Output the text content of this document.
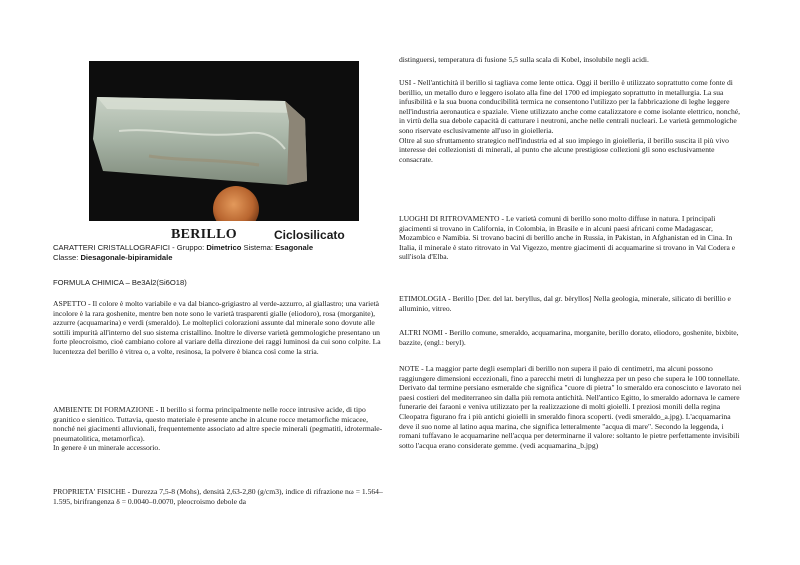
BERILLO	Ciclosilicato

CARATTERI CRISTALLOGRAFICI - Gruppo: Dimetrico Sistema: Esagonale

Classe: Diesagonale-bipiramidale

FORMULA CHIMICA – Be3Al2(Si6O18)

ASPETTO - Il colore è molto variabile e va dal bianco-grigiastro al verde-azzurro, al giallastro; una varietà incolore è la rara goshenite, mentre ben note sono le varietà trasparenti gialle (eliodoro), rosa (morganite), azzurre (acquamarina) e verdi (smeraldo). Le molteplici colorazioni assunte dal minerale sono dovute alle sottili impurità all'interno del suo sistema cristallino. Inoltre le diverse varietà gemmologiche presentano un forte pleocroismo, cioè cambiano colore al variare della direzione dei raggi luminosi da cui sono colpite. La lucentezza del berillo è vitrea o, a volte, resinosa, la polvere è bianca così come la stria.

AMBIENTE DI FORMAZIONE - Il berillo si forma principalmente nelle rocce intrusive acide, di tipo granitico e sienitico. Tuttavia, questo materiale è presente anche in alcune rocce metamorfiche micacee, nonché nei giacimenti alluvionali, frequentemente associato ad altre specie minerali (pegmatiti, idrotermale-pneumatolitica, metamorfica).

In genere è un minerale accessorio.

PROPRIETA' FISICHE - Durezza 7,5-8 (Mohs), densità 2,63-2,80 (g/cm3), indice di rifrazione nω = 1.564–1.595, birifrangenza δ = 0.0040–0.0070, pleocroismo debole da

distinguersi, temperatura di fusione 5,5 sulla scala di Kobel, insolubile negli acidi.

USI - Nell'antichità il berillo si tagliava come lente ottica. Oggi il berillo è utilizzato soprattutto come fonte di berillio, un metallo duro e leggero isolato alla fine del 1700 ed impiegato soprattutto in metallurgia. La sua infusibilità e la sua buona conducibilità termica ne consentono l'utilizzo per la fabbricazione di leghe leggere nell'industria aeronautica e spaziale. Viene utilizzato anche come catalizzatore e come isolante elettrico, nonché, in virtù della sua debole capacità di catturare i neutroni, anche nelle centrali nucleari. Le varietà gemmologiche sono riservate esclusivamente all'uso in gioielleria.

Oltre al suo sfruttamento strategico nell'industria ed al suo impiego in gioielleria, il berillo suscita il più vivo interesse dei collezionisti di minerali, al punto che alcune prestigiose collezioni gli sono esclusivamente consacrate.

LUOGHI DI RITROVAMENTO - Le varietà comuni di berillo sono molto diffuse in natura. I principali giacimenti si trovano in California, in Colombia, in Brasile e in alcuni paesi africani come Madagascar, Mozambico e Namibia. Si trovano bacini di berillo anche in Russia, in Pakistan, in Afghanistan ed in Cina. In Italia, il minerale è stato ritrovato in Val Vigezzo, mentre giacimenti di acquamarine si trovano in Val Codera e sull'isola d'Elba.

ETIMOLOGIA - Berillo [Der. del lat. beryllus, dal gr. bèryllos] Nella geologia, minerale, silicato di berillio e alluminio, vitreo.

ALTRI NOMI - Berillo comune, smeraldo, acquamarina, morganite, berillo dorato, eliodoro, goshenite, bixbite, bazzite, (engl.: beryl).

NOTE - La maggior parte degli esemplari di berillo non supera il paio di centimetri, ma alcuni possono raggiungere dimensioni eccezionali, fino a parecchi metri di lunghezza per un peso che supera le 100 tonnellate.

Derivato dal termine persiano esmeralde che significa "cuore di pietra" lo smeraldo era conosciuto e lavorato nei paesi costieri del mediterraneo sin dalla più remota antichità. Nell'antico Egitto, lo smeraldo adornava le camere funerarie dei faraoni e veniva utilizzato per la realizzazione di molti gioielli. I preziosi monili della regina Cleopatra figurano fra i più antichi gioielli in smeraldo finora scoperti. (vedi smeraldo_a.jpg). L'acquamarina deve il suo nome al latino aqua marina, che significa letteralmente "acqua di mare". Secondo la leggenda, i romani tuffavano le acquamarine nell'acqua per determinarne il valore: soltanto le pietre perfettamente invisibili sotto l'acqua erano considerate gemme. (vedi acquamarina_b.jpg)
